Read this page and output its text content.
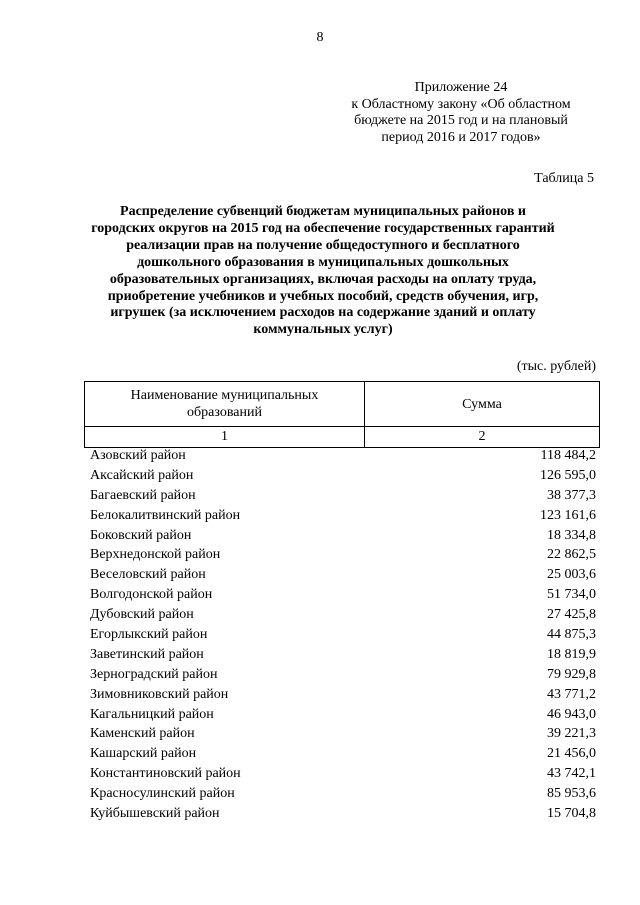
8
Приложение 24
к Областному закону «Об областном
бюджете на 2015 год и на плановый
период 2016 и 2017 годов»
Таблица 5
Распределение субвенций бюджетам муниципальных районов и
городских округов на 2015 год на обеспечение государственных гарантий
реализации прав на получение общедоступного и бесплатного
дошкольного образования в муниципальных дошкольных
образовательных организациях, включая расходы на оплату труда,
приобретение учебников и учебных пособий, средств обучения, игр,
игрушек (за исключением расходов на содержание зданий и оплату
коммунальных услуг)
(тыс. рублей)
Наименование муниципальных
образований	Сумма
1	2
Азовский район	118 484,2
Аксайский район	126 595,0
Багаевский район	38 377,3
Белокалитвинский район	123 161,6
Боковский район	18 334,8
Верхнедонской район	22 862,5
Веселовский район	25 003,6
Волгодонской район	51 734,0
Дубовский район	27 425,8
Егорлыкский район	44 875,3
Заветинский район	18 819,9
Зерноградский район	79 929,8
Зимовниковский район	43 771,2
Кагальницкий район	46 943,0
Каменский район	39 221,3
Кашарский район	21 456,0
Константиновский район	43 742,1
Красносулинский район	85 953,6
Куйбышевский район	15 704,8
